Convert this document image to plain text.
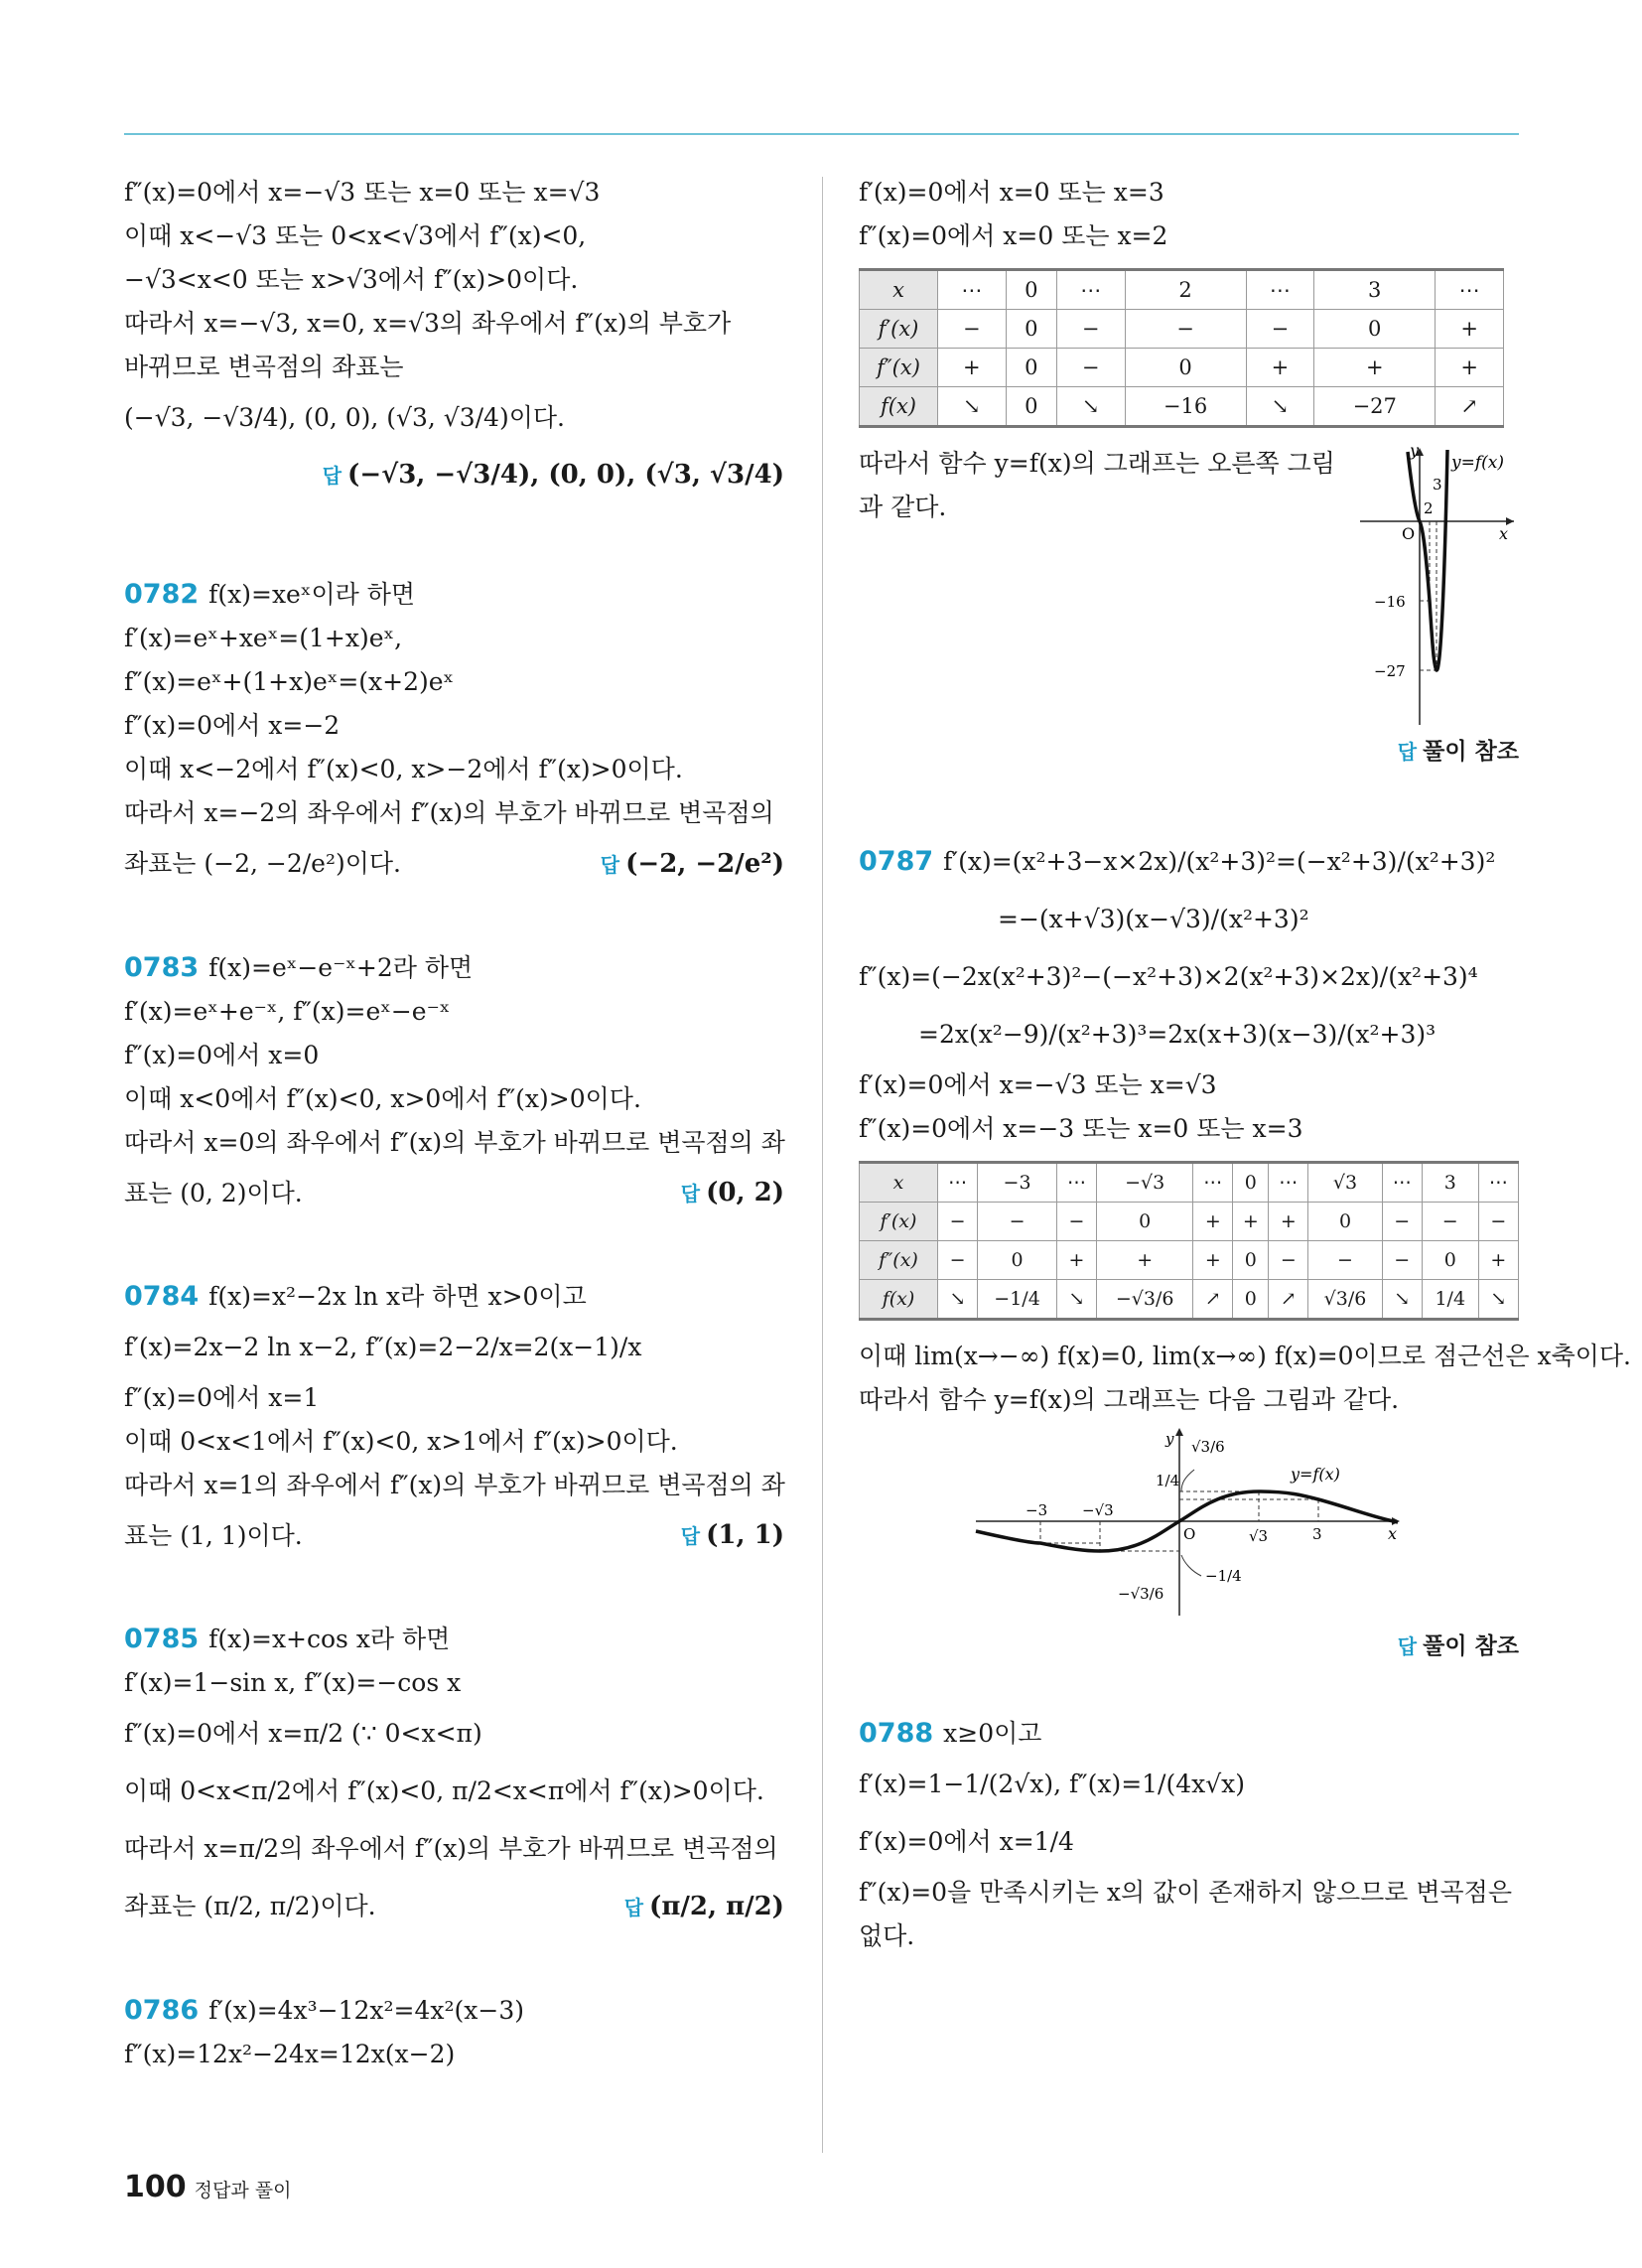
f″(x)=0에서 x=−√3 또는 x=0 또는 x=√3
이때 x<−√3 또는 0<x<√3에서 f″(x)<0,
−√3<x<0 또는 x>√3에서 f″(x)>0이다.
따라서 x=−√3, x=0, x=√3의 좌우에서 f″(x)의 부호가
바뀌므로 변곡점의 좌표는
(−√3, −√3/4), (0, 0), (√3, √3/4)이다.
답 (−√3, −√3/4), (0, 0), (√3, √3/4)
0782 f(x)=xeˣ이라 하면
f′(x)=eˣ+xeˣ=(1+x)eˣ,
f″(x)=eˣ+(1+x)eˣ=(x+2)eˣ
f″(x)=0에서 x=−2
이때 x<−2에서 f″(x)<0, x>−2에서 f″(x)>0이다.
따라서 x=−2의 좌우에서 f″(x)의 부호가 바뀌므로 변곡점의
좌표는 (−2, −2/e²)이다.	답 (−2, −2/e²)
0783 f(x)=eˣ−e⁻ˣ+2라 하면
f′(x)=eˣ+e⁻ˣ, f″(x)=eˣ−e⁻ˣ
f″(x)=0에서 x=0
이때 x<0에서 f″(x)<0, x>0에서 f″(x)>0이다.
따라서 x=0의 좌우에서 f″(x)의 부호가 바뀌므로 변곡점의 좌
표는 (0, 2)이다.	답 (0, 2)
0784 f(x)=x²−2x ln x라 하면 x>0이고
f′(x)=2x−2 ln x−2, f″(x)=2−2/x=2(x−1)/x
f″(x)=0에서 x=1
이때 0<x<1에서 f″(x)<0, x>1에서 f″(x)>0이다.
따라서 x=1의 좌우에서 f″(x)의 부호가 바뀌므로 변곡점의 좌
표는 (1, 1)이다.	답 (1, 1)
0785 f(x)=x+cos x라 하면
f′(x)=1−sin x, f″(x)=−cos x
f″(x)=0에서 x=π/2 (∵ 0<x<π)
이때 0<x<π/2에서 f″(x)<0, π/2<x<π에서 f″(x)>0이다.
따라서 x=π/2의 좌우에서 f″(x)의 부호가 바뀌므로 변곡점의
좌표는 (π/2, π/2)이다.	답 (π/2, π/2)
0786 f′(x)=4x³−12x²=4x²(x−3)
f″(x)=12x²−24x=12x(x−2)
f′(x)=0에서 x=0 또는 x=3
f″(x)=0에서 x=0 또는 x=2
x	⋯	0	⋯	2	⋯	3	⋯
f′(x)	−	0	−	−	−	0	+
f″(x)	+	0	−	0	+	+	+
f(x)	↘	0	↘	−16	↘	−27	↗
따라서 함수 y=f(x)의 그래프는 오른쪽 그림
과 같다.
y
y=f(x)
3
2
O	x
−16
−27
답 풀이 참조
0787 f′(x)=(x²+3−x×2x)/(x²+3)²=(−x²+3)/(x²+3)²
=−(x+√3)(x−√3)/(x²+3)²
f″(x)=(−2x(x²+3)²−(−x²+3)×2(x²+3)×2x)/(x²+3)⁴
=2x(x²−9)/(x²+3)³=2x(x+3)(x−3)/(x²+3)³
f′(x)=0에서 x=−√3 또는 x=√3
f″(x)=0에서 x=−3 또는 x=0 또는 x=3
x	⋯	−3	⋯	−√3	⋯	0	⋯	√3	⋯	3	⋯
f′(x)	−	−	−	0	+	+	+	0	−	−	−
f″(x)	−	0	+	+	+	0	−	−	−	0	+
f(x)	↘	−1/4	↘	−√3/6	↗	0	↗	√3/6	↘	1/4	↘
이때 lim(x→−∞) f(x)=0, lim(x→∞) f(x)=0이므로 점근선은 x축이다.
따라서 함수 y=f(x)의 그래프는 다음 그림과 같다.
y √3/6
1/4	y=f(x)
−3 −√3
O	√3	3	x
−1/4
−√3/6
답 풀이 참조
0788 x≥0이고
f′(x)=1−1/(2√x), f″(x)=1/(4x√x)
f′(x)=0에서 x=1/4
f″(x)=0을 만족시키는 x의 값이 존재하지 않으므로 변곡점은
없다.
100 정답과 풀이
